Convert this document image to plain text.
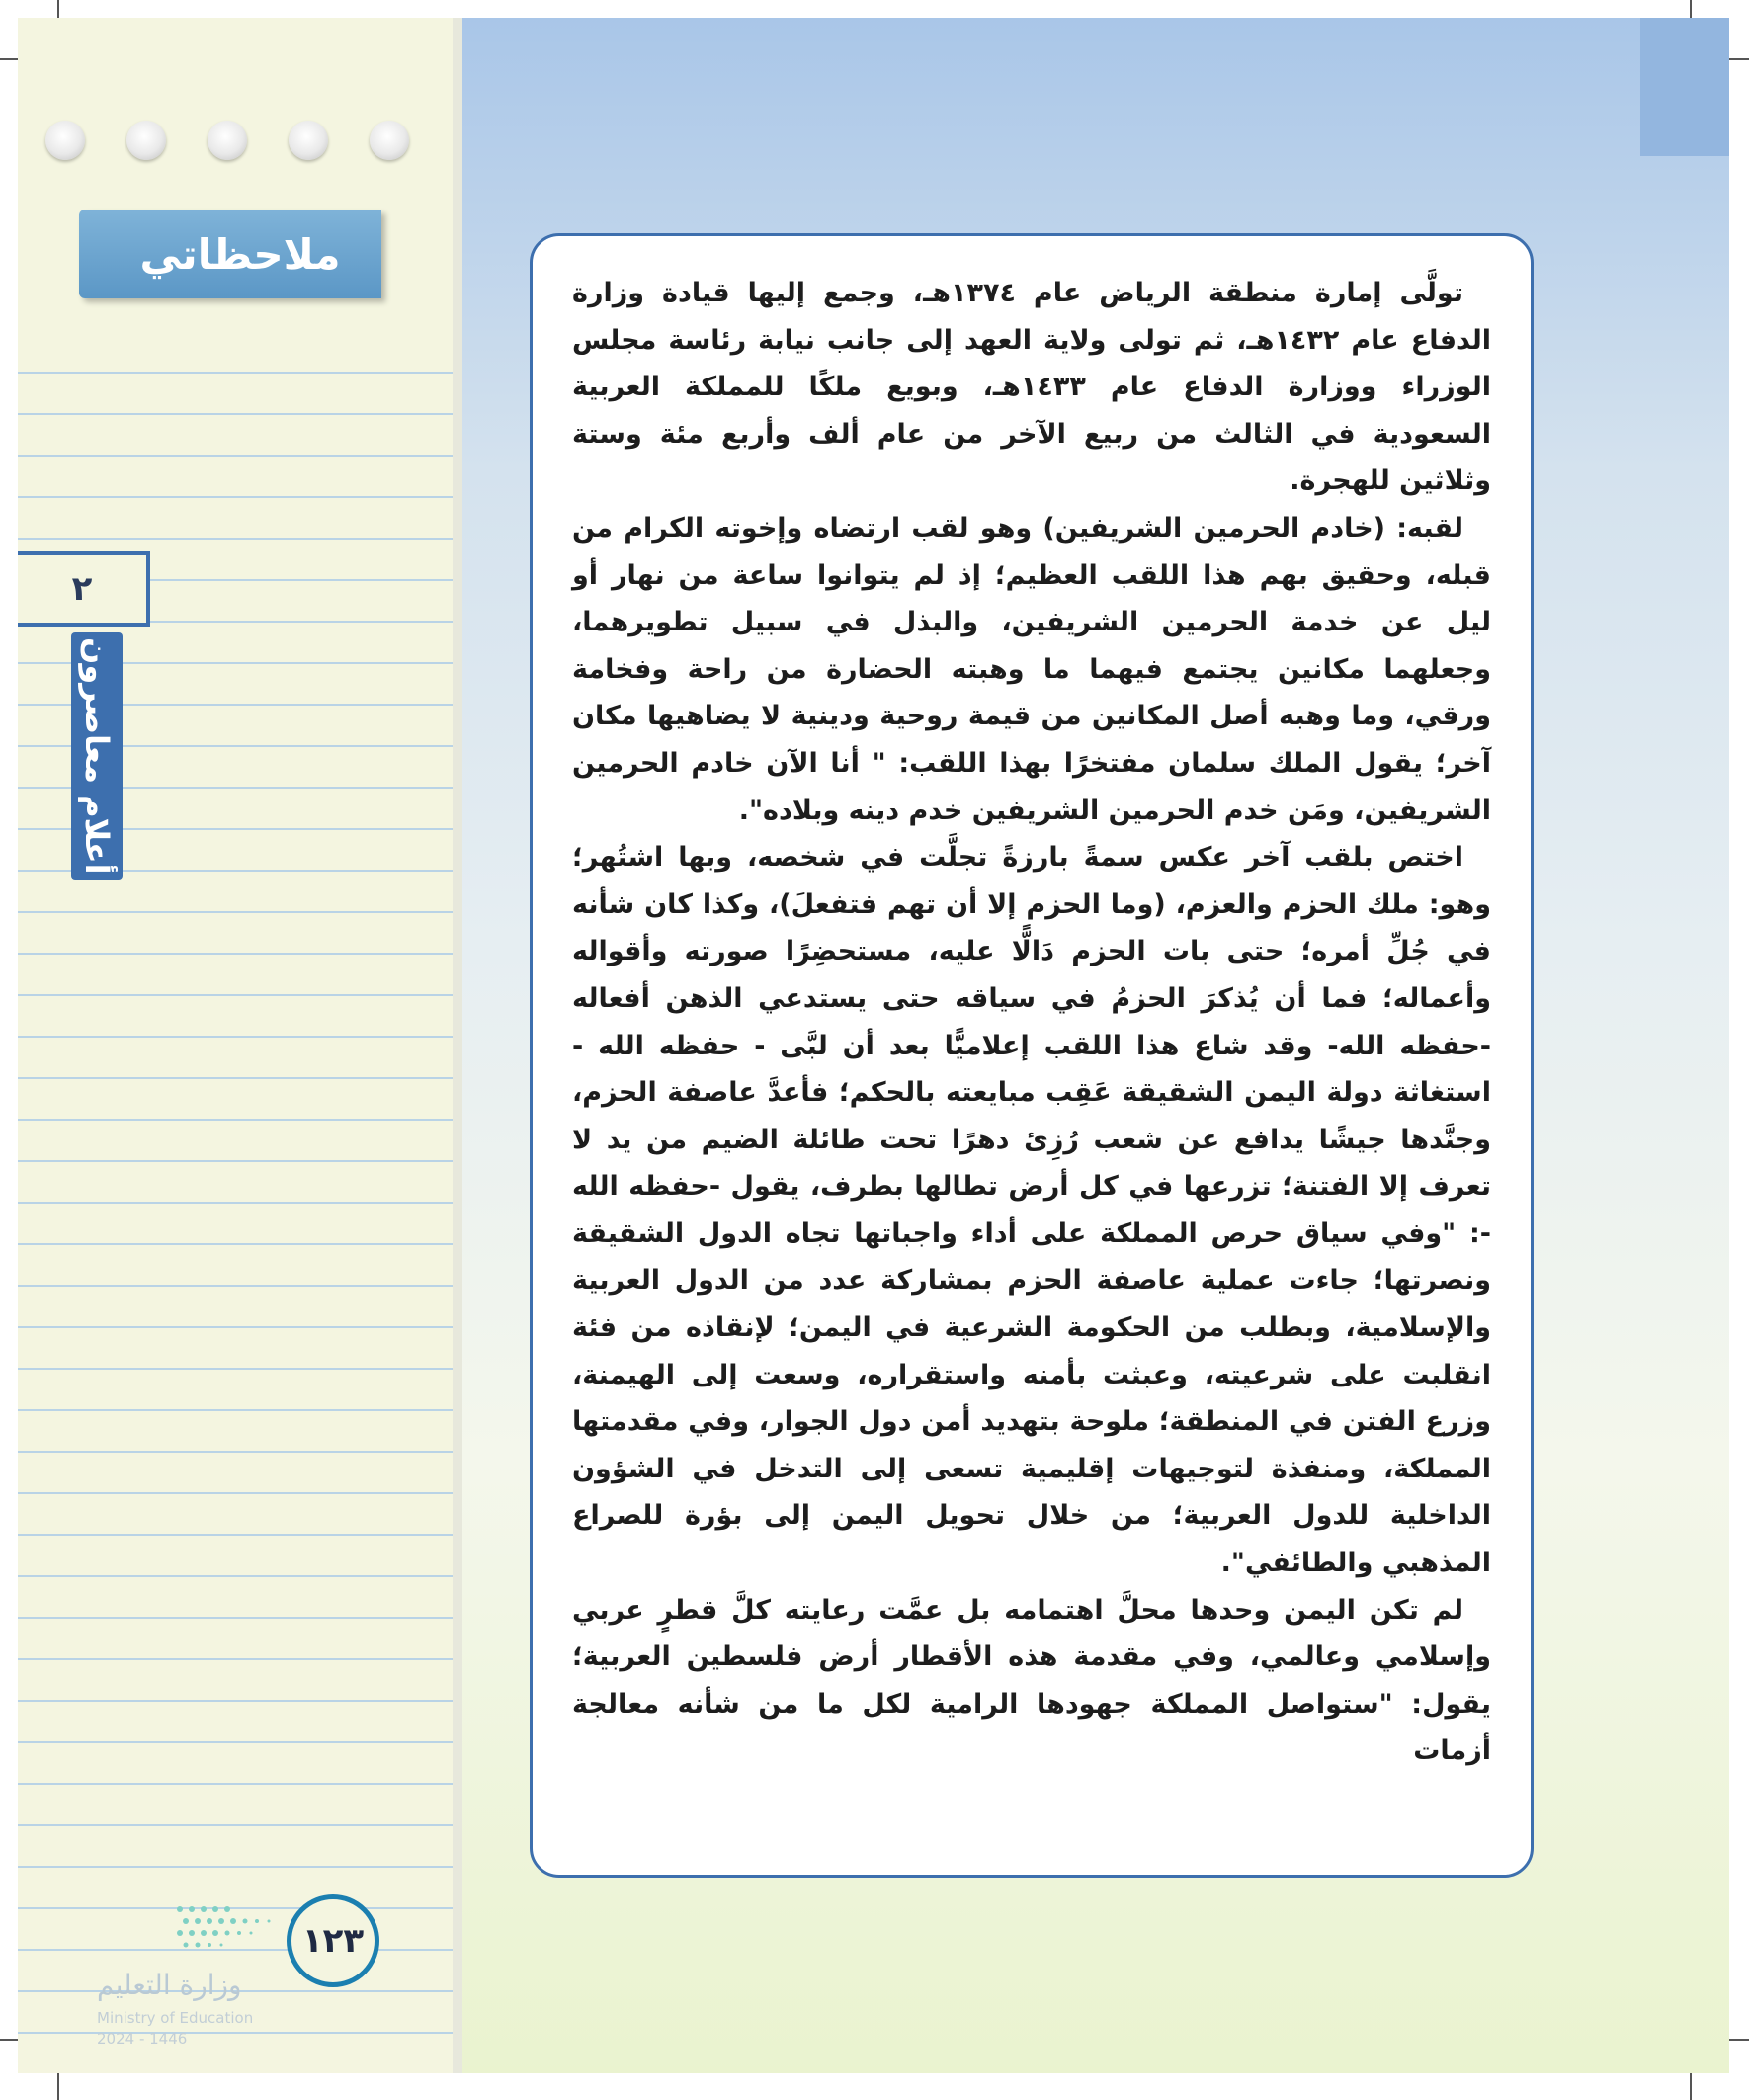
ملاحظاتي
٢
أعلام معاصرون

تولَّى إمارة منطقة الرياض عام ١٣٧٤هـ، وجمع إليها قيادة وزارة الدفاع عام ١٤٣٢هـ، ثم تولى ولاية العهد إلى جانب نيابة رئاسة مجلس الوزراء ووزارة الدفاع عام ١٤٣٣هـ، وبويع ملكًا للمملكة العربية السعودية في الثالث من ربيع الآخر من عام ألف وأربع مئة وستة وثلاثين للهجرة.

لقبه: (خادم الحرمين الشريفين) وهو لقب ارتضاه وإخوته الكرام من قبله، وحقيق بهم هذا اللقب العظيم؛ إذ لم يتوانوا ساعة من نهار أو ليل عن خدمة الحرمين الشريفين، والبذل في سبيل تطويرهما، وجعلهما مكانين يجتمع فيهما ما وهبته الحضارة من راحة وفخامة ورقي، وما وهبه أصل المكانين من قيمة روحية ودينية لا يضاهيها مكان آخر؛ يقول الملك سلمان مفتخرًا بهذا اللقب: " أنا الآن خادم الحرمين الشريفين، ومَن خدم الحرمين الشريفين خدم دينه وبلاده".

اختص بلقب آخر عكس سمةً بارزةً تجلَّت في شخصه، وبها اشتُهر؛ وهو: ملك الحزم والعزم، (وما الحزم إلا أن تهم فتفعلَ)، وكذا كان شأنه في جُلِّ أمره؛ حتى بات الحزم دَالًّا عليه، مستحضِرًا صورته وأقواله وأعماله؛ فما أن يُذكرَ الحزمُ في سياقه حتى يستدعي الذهن أفعاله -حفظه الله- وقد شاع هذا اللقب إعلاميًّا بعد أن لبَّى - حفظه الله - استغاثة دولة اليمن الشقيقة عَقِب مبايعته بالحكم؛ فأعدَّ عاصفة الحزم، وجنَّدها جيشًا يدافع عن شعب رُزِئ دهرًا تحت طائلة الضيم من يد لا تعرف إلا الفتنة؛ تزرعها في كل أرض تطالها بطرف، يقول -حفظه الله -: "وفي سياق حرص المملكة على أداء واجباتها تجاه الدول الشقيقة ونصرتها؛ جاءت عملية عاصفة الحزم بمشاركة عدد من الدول العربية والإسلامية، وبطلب من الحكومة الشرعية في اليمن؛ لإنقاذه من فئة انقلبت على شرعيته، وعبثت بأمنه واستقراره، وسعت إلى الهيمنة، وزرع الفتن في المنطقة؛ ملوحة بتهديد أمن دول الجوار، وفي مقدمتها المملكة، ومنفذة لتوجيهات إقليمية تسعى إلى التدخل في الشؤون الداخلية للدول العربية؛ من خلال تحويل اليمن إلى بؤرة للصراع المذهبي والطائفي".

لم تكن اليمن وحدها محلَّ اهتمامه بل عمَّت رعايته كلَّ قطرٍ عربي وإسلامي وعالمي، وفي مقدمة هذه الأقطار أرض فلسطين العربية؛ يقول: "ستواصل المملكة جهودها الرامية لكل ما من شأنه معالجة أزمات

١٢٣
وزارة التعليم
Ministry of Education
2024 - 1446
